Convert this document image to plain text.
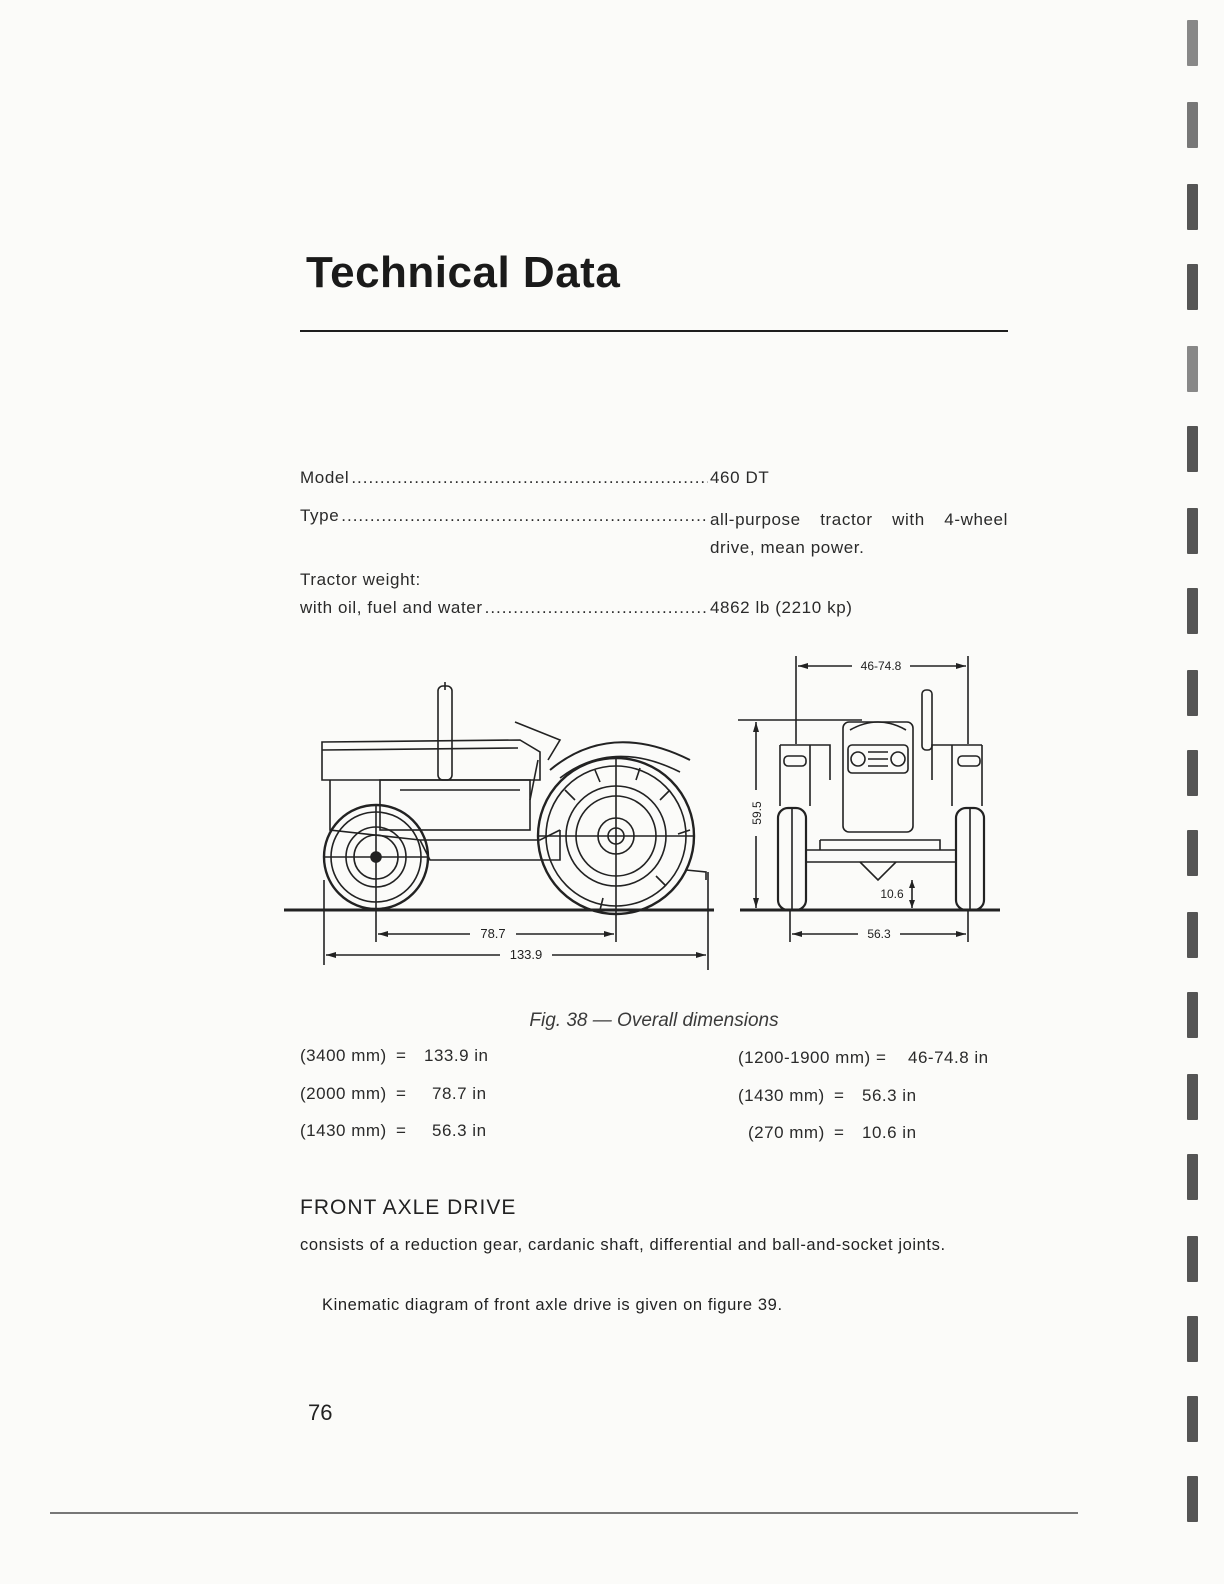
Technical Data
Model .....	460 DT
Type .....	all-purpose tractor with 4-wheel drive, mean power.
Tractor weight:
with oil, fuel and water .....	4862 lb (2210 kp)
78.7
133.9
46-74.8
59.5
10.6
56.3
Fig. 38 — Overall dimensions
(3400 mm) = 133.9 in
(2000 mm) = 78.7 in
(1430 mm) = 56.3 in
(1200-1900 mm) = 46-74.8 in
(1430 mm) = 56.3 in
(270 mm) = 10.6 in
FRONT AXLE DRIVE
consists of a reduction gear, cardanic shaft, differential and ball-and-socket joints.
Kinematic diagram of front axle drive is given on figure 39.
76
